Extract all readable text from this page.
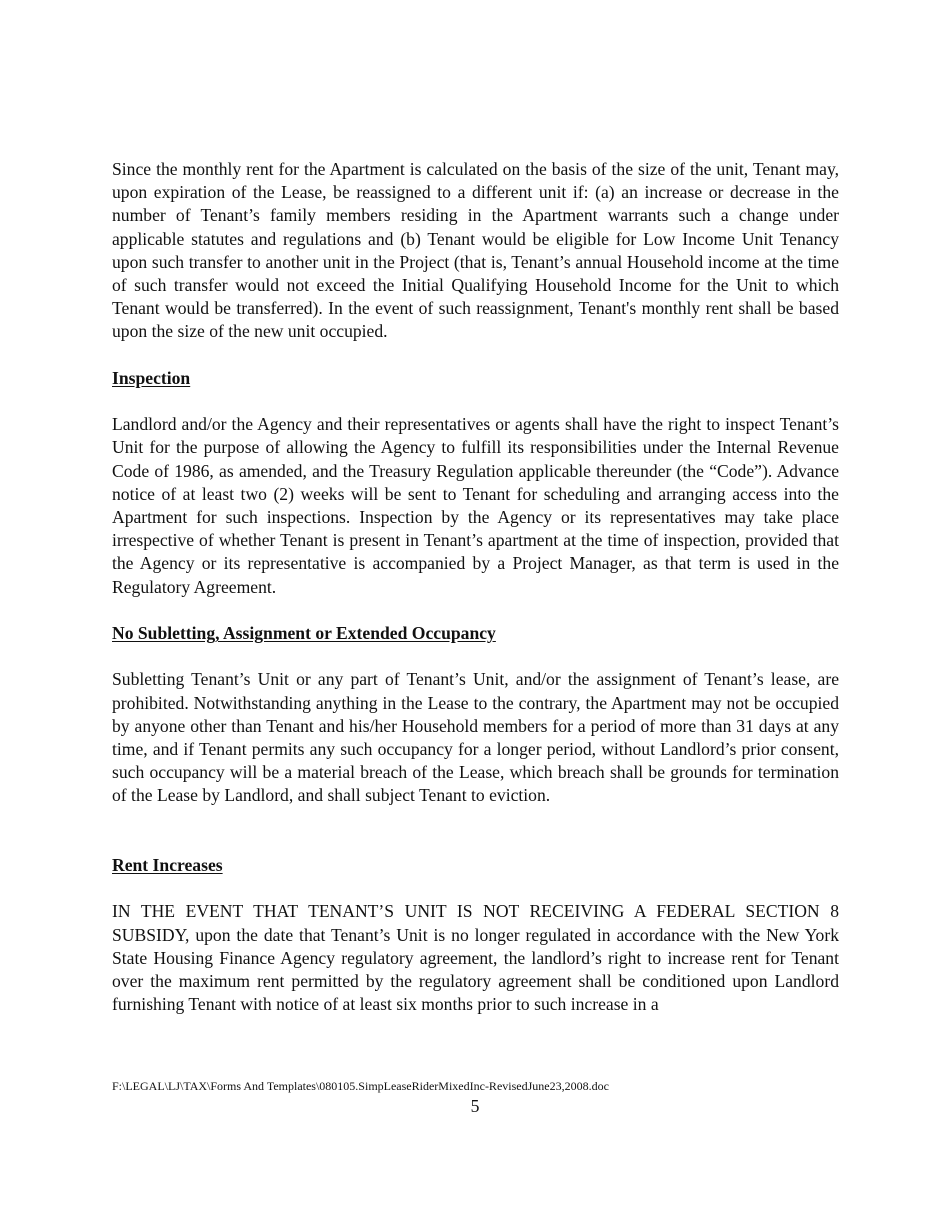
Since the monthly rent for the Apartment is calculated on the basis of the size of the unit, Tenant may, upon expiration of the Lease, be reassigned to a different unit if: (a) an increase or decrease in the number of Tenant’s family members residing in the Apartment warrants such a change under applicable statutes and regulations and (b) Tenant would be eligible for Low Income Unit Tenancy upon such transfer to another unit in the Project (that is, Tenant’s annual Household income at the time of such transfer would not exceed the Initial Qualifying Household Income for the Unit to which Tenant would be transferred). In the event of such reassignment, Tenant's monthly rent shall be based upon the size of the new unit occupied.

Inspection

Landlord and/or the Agency and their representatives or agents shall have the right to inspect Tenant’s Unit for the purpose of allowing the Agency to fulfill its responsibilities under the Internal Revenue Code of 1986, as amended, and the Treasury Regulation applicable thereunder (the “Code”). Advance notice of at least two (2) weeks will be sent to Tenant for scheduling and arranging access into the Apartment for such inspections. Inspection by the Agency or its representatives may take place irrespective of whether Tenant is present in Tenant’s apartment at the time of inspection, provided that the Agency or its representative is accompanied by a Project Manager, as that term is used in the Regulatory Agreement.

No Subletting, Assignment or Extended Occupancy

Subletting Tenant’s Unit or any part of Tenant’s Unit, and/or the assignment of Tenant’s lease, are prohibited. Notwithstanding anything in the Lease to the contrary, the Apartment may not be occupied by anyone other than Tenant and his/her Household members for a period of more than 31 days at any time, and if Tenant permits any such occupancy for a longer period, without Landlord’s prior consent, such occupancy will be a material breach of the Lease, which breach shall be grounds for termination of the Lease by Landlord, and shall subject Tenant to eviction.

Rent Increases

IN THE EVENT THAT TENANT’S UNIT IS NOT RECEIVING A FEDERAL SECTION 8 SUBSIDY, upon the date that Tenant’s Unit is no longer regulated in accordance with the New York State Housing Finance Agency regulatory agreement, the landlord’s right to increase rent for Tenant over the maximum rent permitted by the regulatory agreement shall be conditioned upon Landlord furnishing Tenant with notice of at least six months prior to such increase in a

F:\LEGAL\LJ\TAX\Forms And Templates\080105.SimpLeaseRiderMixedInc-RevisedJune23,2008.doc
5
